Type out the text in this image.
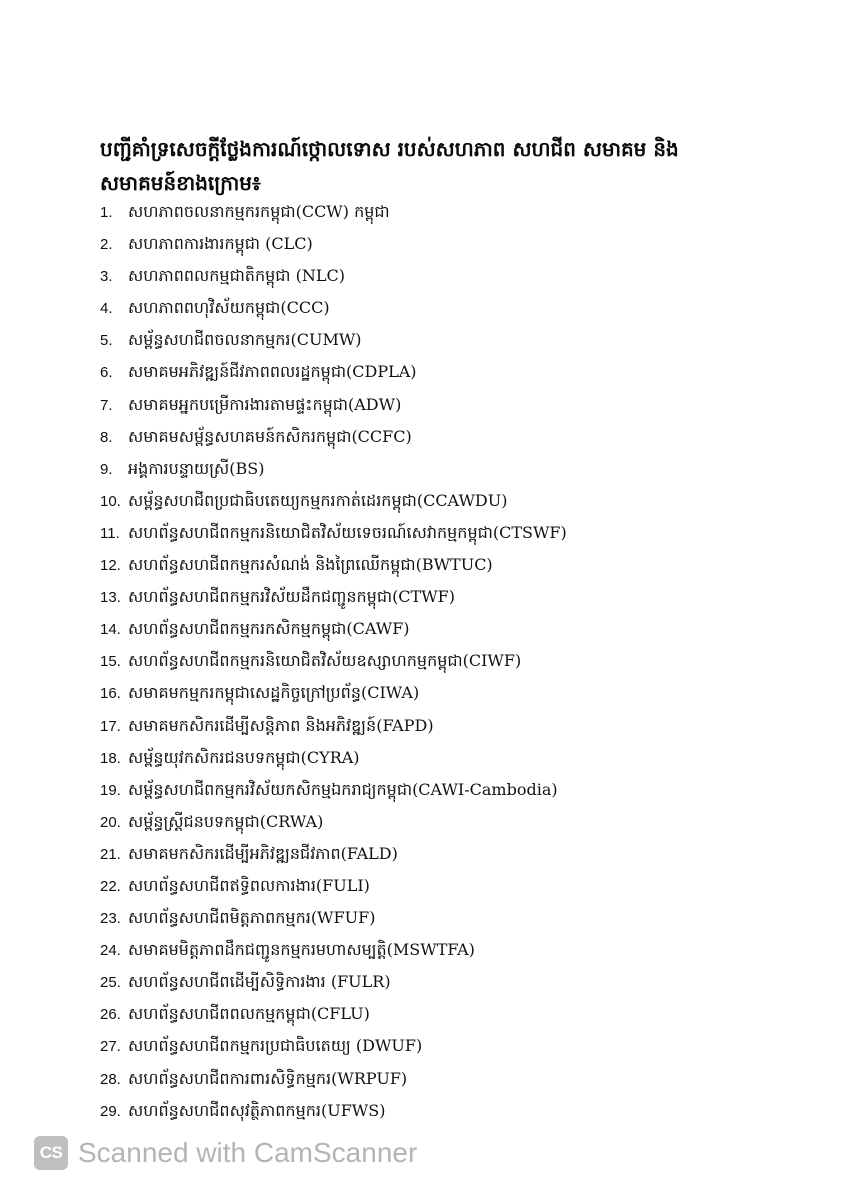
បញ្ជីគាំទ្រសេចក្តីថ្លែងការណ៍ថ្កោលទោស របស់សហភាព សហជីព សមាគម និង សមាគមន៍ខាងក្រោម៖
1. សហភាពចលនាកម្មករកម្ពុជា(CCW) កម្ពុជា
2. សហភាពការងារកម្ពុជា (CLC)
3. សហភាពពលកម្មជាតិកម្ពុជា (NLC)
4. សហភាពពហុវិស័យកម្ពុជា(CCC)
5. សម្ព័ន្ធសហជីពចលនាកម្មករ(CUMW)
6. សមាគមអភិវឌ្ឍន៍ជីវភាពពលរដ្ឋកម្ពុជា(CDPLA)
7. សមាគមអ្នកបម្រើការងារតាមផ្ទះកម្ពុជា(ADW)
8. សមាគមសម្ព័ន្ធសហគមន៍កសិករកម្ពុជា(CCFC)
9. អង្គការបន្ទាយស្រី(BS)
10. សម្ព័ន្ធសហជីពប្រជាធិបតេយ្យកម្មករកាត់ដេរកម្ពុជា(CCAWDU)
11. សហព័ន្ធសហជីពកម្មករនិយោជិតវិស័យទេចរណ៍សេវាកម្មកម្ពុជា(CTSWF)
12. សហព័ន្ធសហជីពកម្មករសំណង់ និងព្រៃឈើកម្ពុជា(BWTUC)
13. សហព័ន្ធសហជីពកម្មករវិស័យដឹកជញ្ជូនកម្ពុជា(CTWF)
14. សហព័ន្ធសហជីពកម្មករកសិកម្មកម្ពុជា(CAWF)
15. សហព័ន្ធសហជីពកម្មករនិយោជិតវិស័យឧស្សាហកម្មកម្ពុជា(CIWF)
16. សមាគមកម្មករកម្ពុជាសេដ្ឋកិច្ចក្រៅប្រព័ន្ធ(CIWA)
17. សមាគមកសិករដើម្បីសន្តិភាព និងអភិវឌ្ឍន៍(FAPD)
18. សម្ព័ន្ធយុវកសិករជនបទកម្ពុជា(CYRA)
19. សម្ព័ន្ធសហជីពកម្មករវិស័យកសិកម្មឯករាជ្យកម្ពុជា(CAWI-Cambodia)
20. សម្ព័ន្ធស្ត្រីជនបទកម្ពុជា(CRWA)
21. សមាគមកសិករដើម្បីអភិវឌ្ឍនជីវភាព(FALD)
22. សហព័ន្ធសហជីពឥទ្ធិពលការងារ(FULI)
23. សហព័ន្ធសហជីពមិត្តភាពកម្មករ(WFUF)
24. សមាគមមិត្តភាពដឹកជញ្ជូនកម្មករមហាសម្បត្តិ(MSWTFA)
25. សហព័ន្ធសហជីពដើម្បីសិទ្ធិការងារ (FULR)
26. សហព័ន្ធសហជីពពលកម្មកម្ពុជា(CFLU)
27. សហព័ន្ធសហជីពកម្មករប្រជាធិបតេយ្យ (DWUF)
28. សហព័ន្ធសហជីពការពារសិទ្ធិកម្មករ(WRPUF)
29. សហព័ន្ធសហជីពសុវត្ថិភាពកម្មករ(UFWS)
CS Scanned with CamScanner
